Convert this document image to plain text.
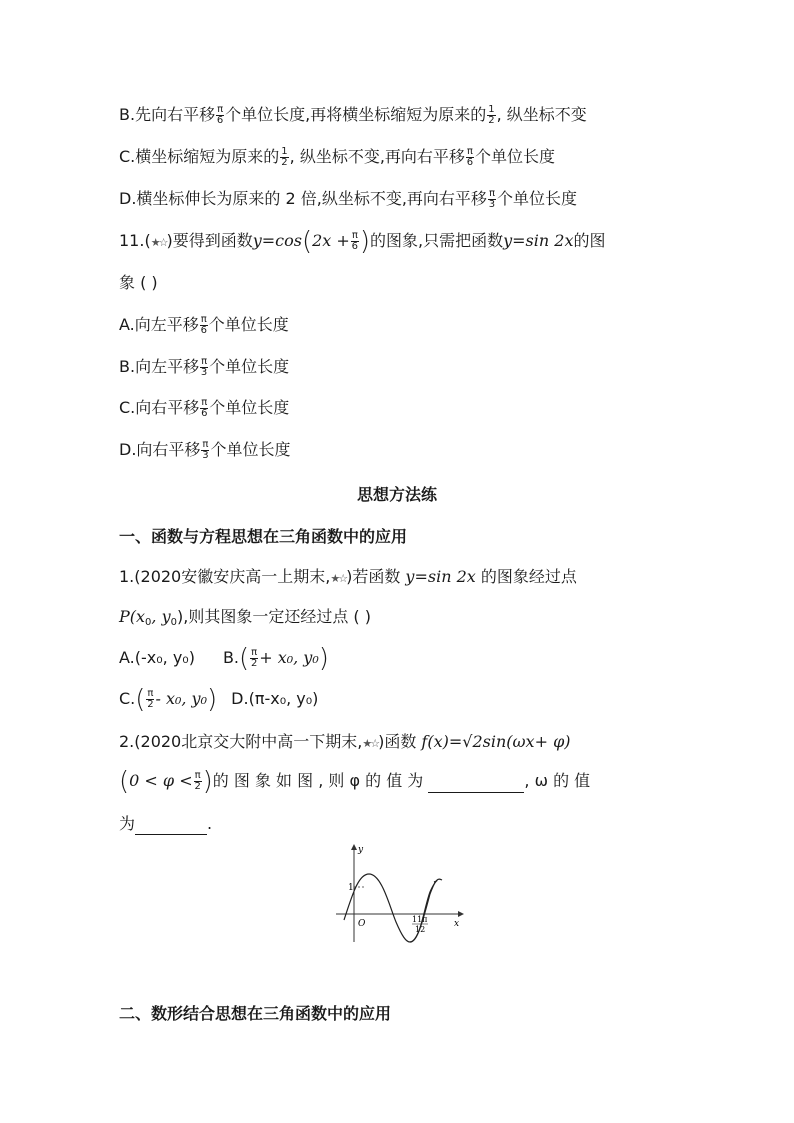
B.先向右平移 $\frac{\pi}{6}$ 个单位长度,再将横坐标缩短为原来的 $\frac{1}{2}$ , 纵坐标不变
C.横坐标缩短为原来的 $\frac{1}{2}$ , 纵坐标不变,再向右平移 $\frac{\pi}{6}$ 个单位长度
D.横坐标伸长为原来的 2 倍,纵坐标不变,再向右平移 $\frac{\pi}{3}$ 个单位长度
11.(★☆)要得到函数$y=\cos(2x + \frac{\pi}{6}$ )的图象,只需把函数y=sin 2x的图
象 ( )
A.向左平移 $\frac{\pi}{6}$ 个单位长度
B.向左平移 $\frac{\pi}{3}$ 个单位长度
C.向右平移 $\frac{\pi}{6}$ 个单位长度
D.向右平移 $\frac{\pi}{3}$ 个单位长度
思想方法练
一、函数与方程思想在三角函数中的应用
1.(2020安徽安庆高一上期末,★☆)若函数 y=sin 2x 的图象经过点
$P(x_0$, $y_0$),则其图象一定还经过点 ( )
A.(-x₀, y₀) $B.( \frac{\pi}{2} + x_0$, y₀)
$C.( \frac{\pi}{2} - x_0$, y₀) D.(π-x₀, y₀)
2.(2020北京交大附中高一下期末,★☆)函数 f(x)=√2sin(ωx+ φ)
($0 < \varphi < \frac{\pi}{2}$ )的 图 象 如 图 , 则 φ 的 值 为	, ω 的 值
为	.
y
x
O
1
11π
12
二、数形结合思想在三角函数中的应用
